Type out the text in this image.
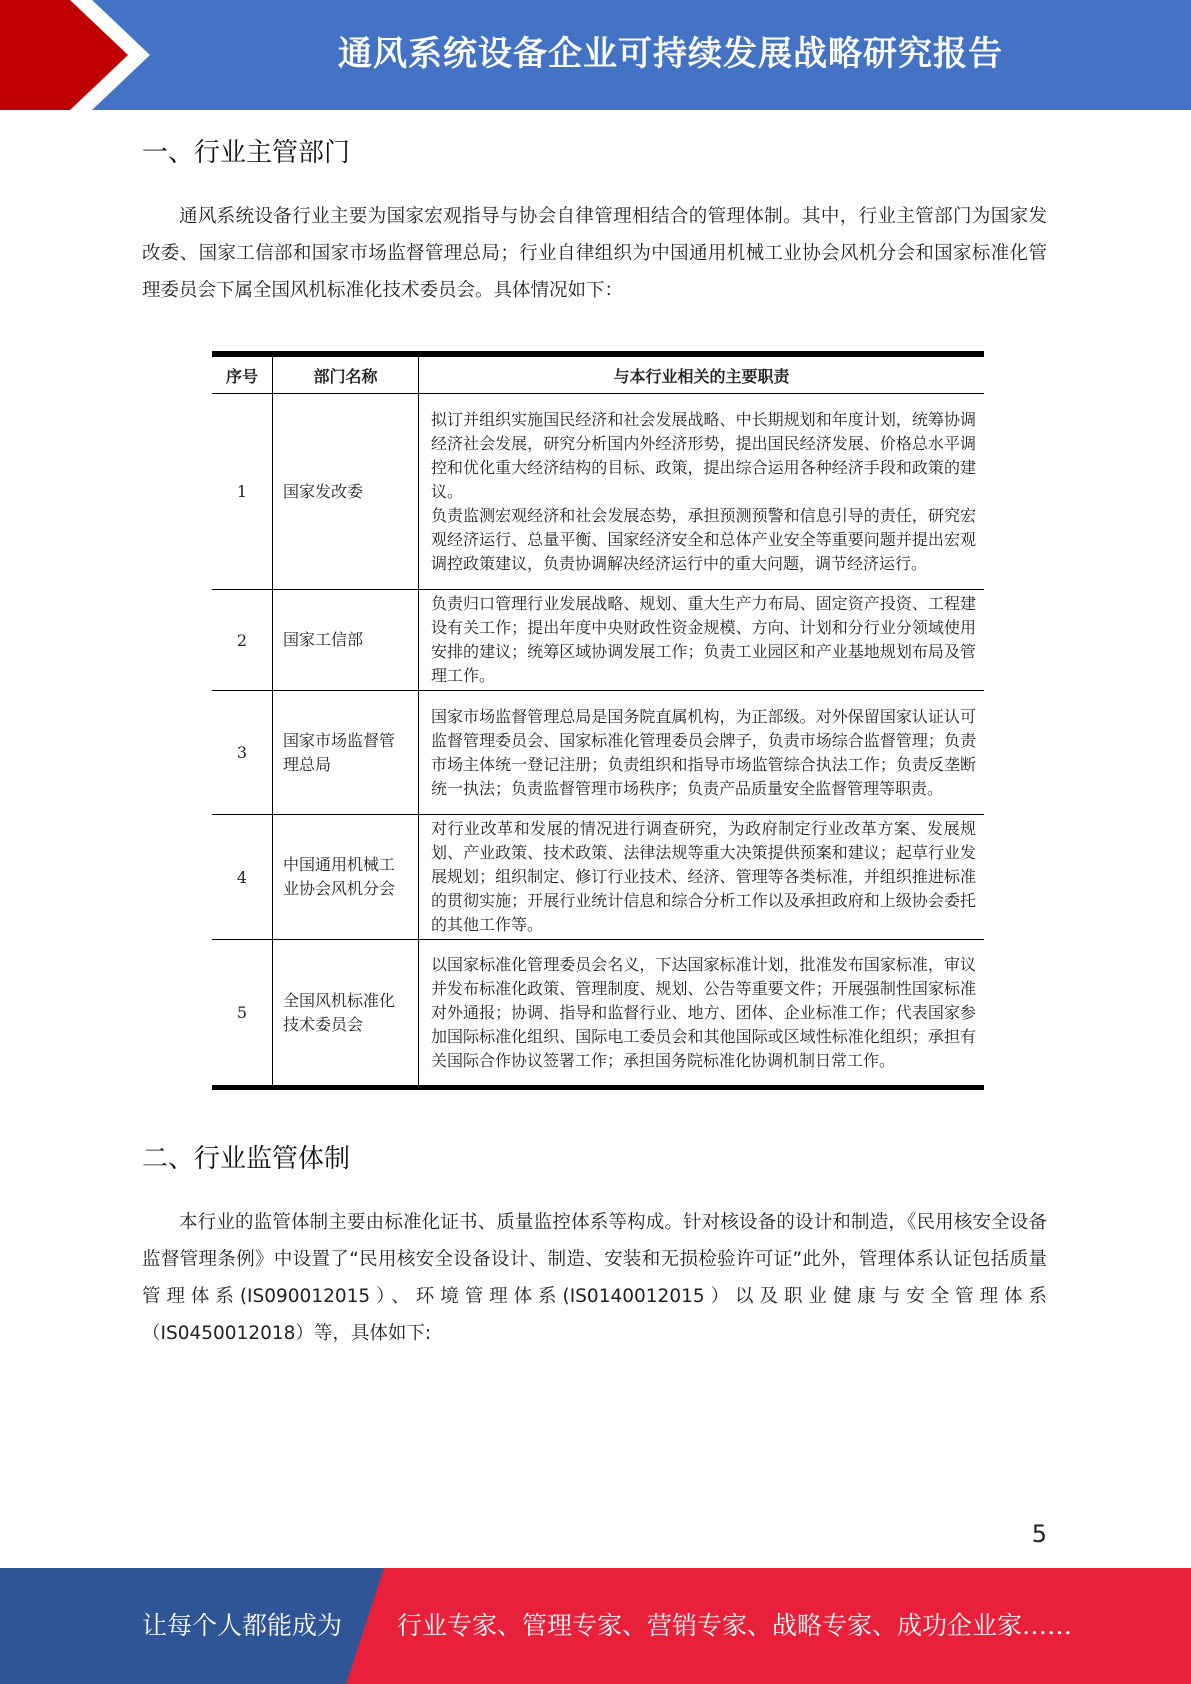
通风系统设备企业可持续发展战略研究报告
一、行业主管部门

通风系统设备行业主要为国家宏观指导与协会自律管理相结合的管理体制。其中，行业主管部门为国家发改委、国家工信部和国家市场监督管理总局；行业自律组织为中国通用机械工业协会风机分会和国家标准化管理委员会下属全国风机标准化技术委员会。具体情况如下：

序号	部门名称	与本行业相关的主要职责
1	国家发改委	拟订并组织实施国民经济和社会发展战略、中长期规划和年度计划，统筹协调经济社会发展，研究分析国内外经济形势，提出国民经济发展、价格总水平调控和优化重大经济结构的目标、政策，提出综合运用各种经济手段和政策的建议。
负责监测宏观经济和社会发展态势，承担预测预警和信息引导的责任，研究宏观经济运行、总量平衡、国家经济安全和总体产业安全等重要问题并提出宏观调控政策建议，负责协调解决经济运行中的重大问题，调节经济运行。

2	国家工信部	负责归口管理行业发展战略、规划、重大生产力布局、固定资产投资、工程建设有关工作；提出年度中央财政性资金规模、方向、计划和分行业分领域使用安排的建议；统筹区域协调发展工作；负责工业园区和产业基地规划布局及管理工作。

3	国家市场监督管理总局	国家市场监督管理总局是国务院直属机构，为正部级。对外保留国家认证认可监督管理委员会、国家标准化管理委员会牌子，负责市场综合监督管理；负责市场主体统一登记注册；负责组织和指导市场监管综合执法工作；负责反垄断统一执法；负责监督管理市场秩序；负责产品质量安全监督管理等职责。

4	中国通用机械工业协会风机分会	对行业改革和发展的情况进行调查研究，为政府制定行业改革方案、发展规划、产业政策、技术政策、法律法规等重大决策提供预案和建议；起草行业发展规划；组织制定、修订行业技术、经济、管理等各类标准，并组织推进标准的贯彻实施；开展行业统计信息和综合分析工作以及承担政府和上级协会委托的其他工作等。

5	全国风机标准化技术委员会	以国家标准化管理委员会名义，下达国家标准计划，批准发布国家标准，审议并发布标准化政策、管理制度、规划、公告等重要文件；开展强制性国家标准对外通报；协调、指导和监督行业、地方、团体、企业标准工作；代表国家参加国际标准化组织、国际电工委员会和其他国际或区域性标准化组织；承担有关国际合作协议签署工作；承担国务院标准化协调机制日常工作。
二、行业监管体制

本行业的监管体制主要由标准化证书、质量监控体系等构成。针对核设备的设计和制造，《民用核安全设备监督管理条例》中设置了“民用核安全设备设计、制造、安装和无损检验许可证”此外，管理体系认证包括质量管理体系(IS090012015）、环境管理体系(IS0140012015）以及职业健康与安全管理体系（IS0450012018）等，具体如下:

5
让每个人都能成为 行业专家、管理专家、营销专家、战略专家、成功企业家……
